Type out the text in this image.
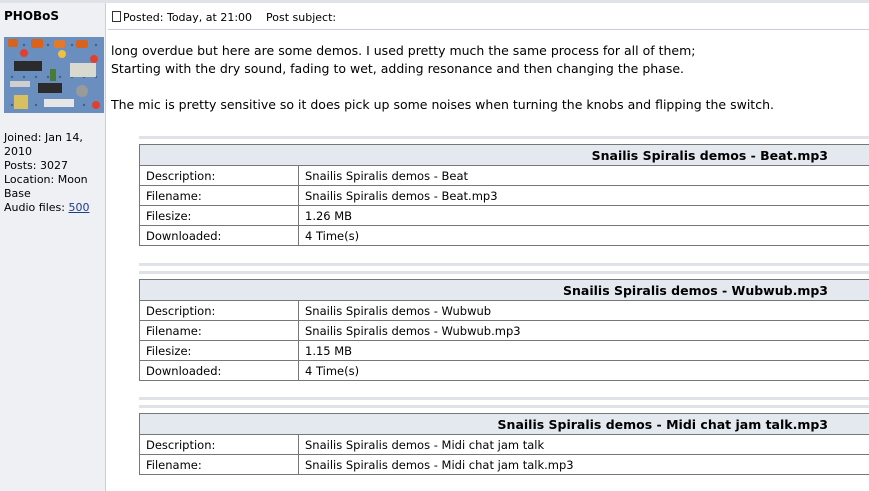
PHOBoS
Joined: Jan 14, 2010
Posts: 3027
Location: Moon Base
Audio files: 500
Posted: Today, at 21:00 Post subject:
long overdue but here are some demos. I used pretty much the same process for all of them;
Starting with the dry sound, fading to wet, adding resonance and then changing the phase.
The mic is pretty sensitive so it does pick up some noises when turning the knobs and flipping the switch.
Snailis Spiralis demos - Beat.mp3	
Description:	Snailis Spiralis demos - Beat
Filename:	Snailis Spiralis demos - Beat.mp3
Filesize:	1.26 MB
Downloaded:	4 Time(s)
Snailis Spiralis demos - Wubwub.mp3	
Description:	Snailis Spiralis demos - Wubwub
Filename:	Snailis Spiralis demos - Wubwub.mp3
Filesize:	1.15 MB
Downloaded:	4 Time(s)
Snailis Spiralis demos - Midi chat jam talk.mp3	
Description:	Snailis Spiralis demos - Midi chat jam talk
Filename:	Snailis Spiralis demos - Midi chat jam talk.mp3
